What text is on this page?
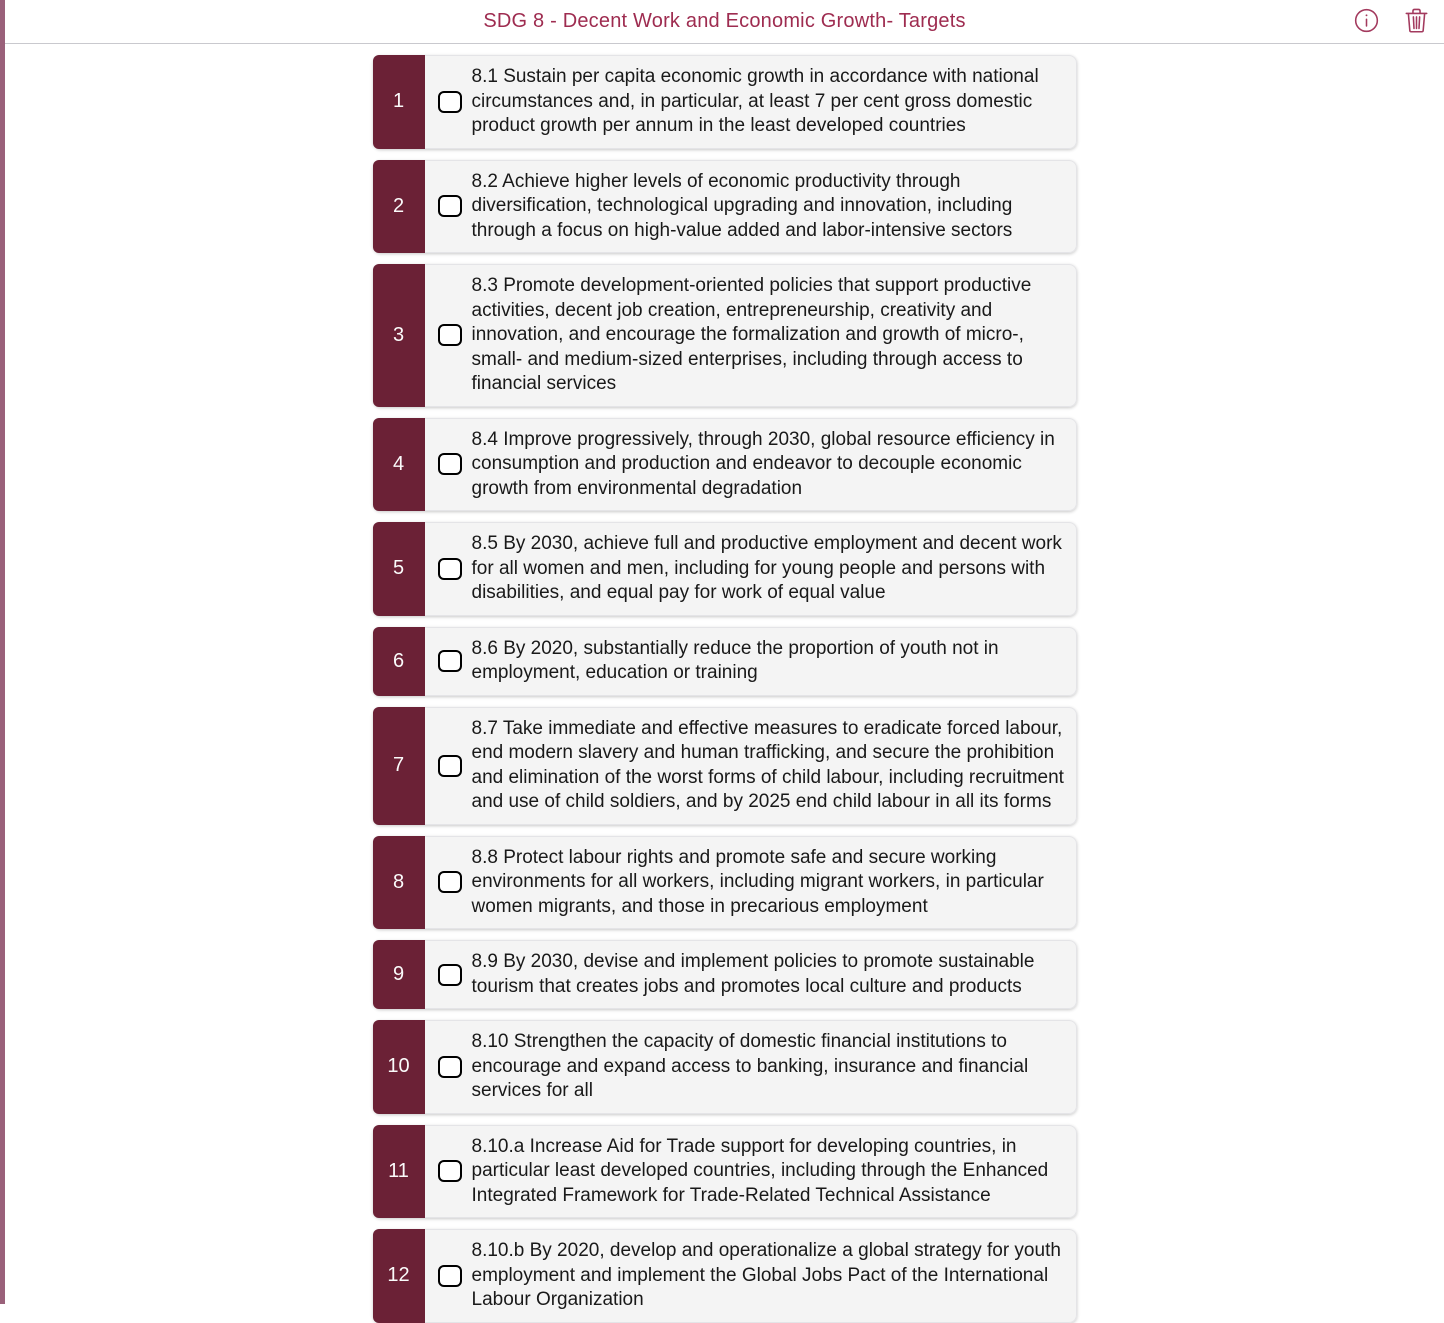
SDG 8 - Decent Work and Economic Growth- Targets
1
8.1 Sustain per capita economic growth in accordance with national circumstances and, in particular, at least 7 per cent gross domestic product growth per annum in the least developed countries
2
8.2 Achieve higher levels of economic productivity through diversification, technological upgrading and innovation, including through a focus on high-value added and labor-intensive sectors
3
8.3 Promote development-oriented policies that support productive activities, decent job creation, entrepreneurship, creativity and innovation, and encourage the formalization and growth of micro-, small- and medium-sized enterprises, including through access to financial services
4
8.4 Improve progressively, through 2030, global resource efficiency in consumption and production and endeavor to decouple economic growth from environmental degradation
5
8.5 By 2030, achieve full and productive employment and decent work for all women and men, including for young people and persons with disabilities, and equal pay for work of equal value
6
8.6 By 2020, substantially reduce the proportion of youth not in employment, education or training
7
8.7 Take immediate and effective measures to eradicate forced labour, end modern slavery and human trafficking, and secure the prohibition and elimination of the worst forms of child labour, including recruitment and use of child soldiers, and by 2025 end child labour in all its forms
8
8.8 Protect labour rights and promote safe and secure working environments for all workers, including migrant workers, in particular women migrants, and those in precarious employment
9
8.9 By 2030, devise and implement policies to promote sustainable tourism that creates jobs and promotes local culture and products
10
8.10 Strengthen the capacity of domestic financial institutions to encourage and expand access to banking, insurance and financial services for all
11
8.10.a Increase Aid for Trade support for developing countries, in particular least developed countries, including through the Enhanced Integrated Framework for Trade-Related Technical Assistance
12
8.10.b By 2020, develop and operationalize a global strategy for youth employment and implement the Global Jobs Pact of the International Labour Organization
